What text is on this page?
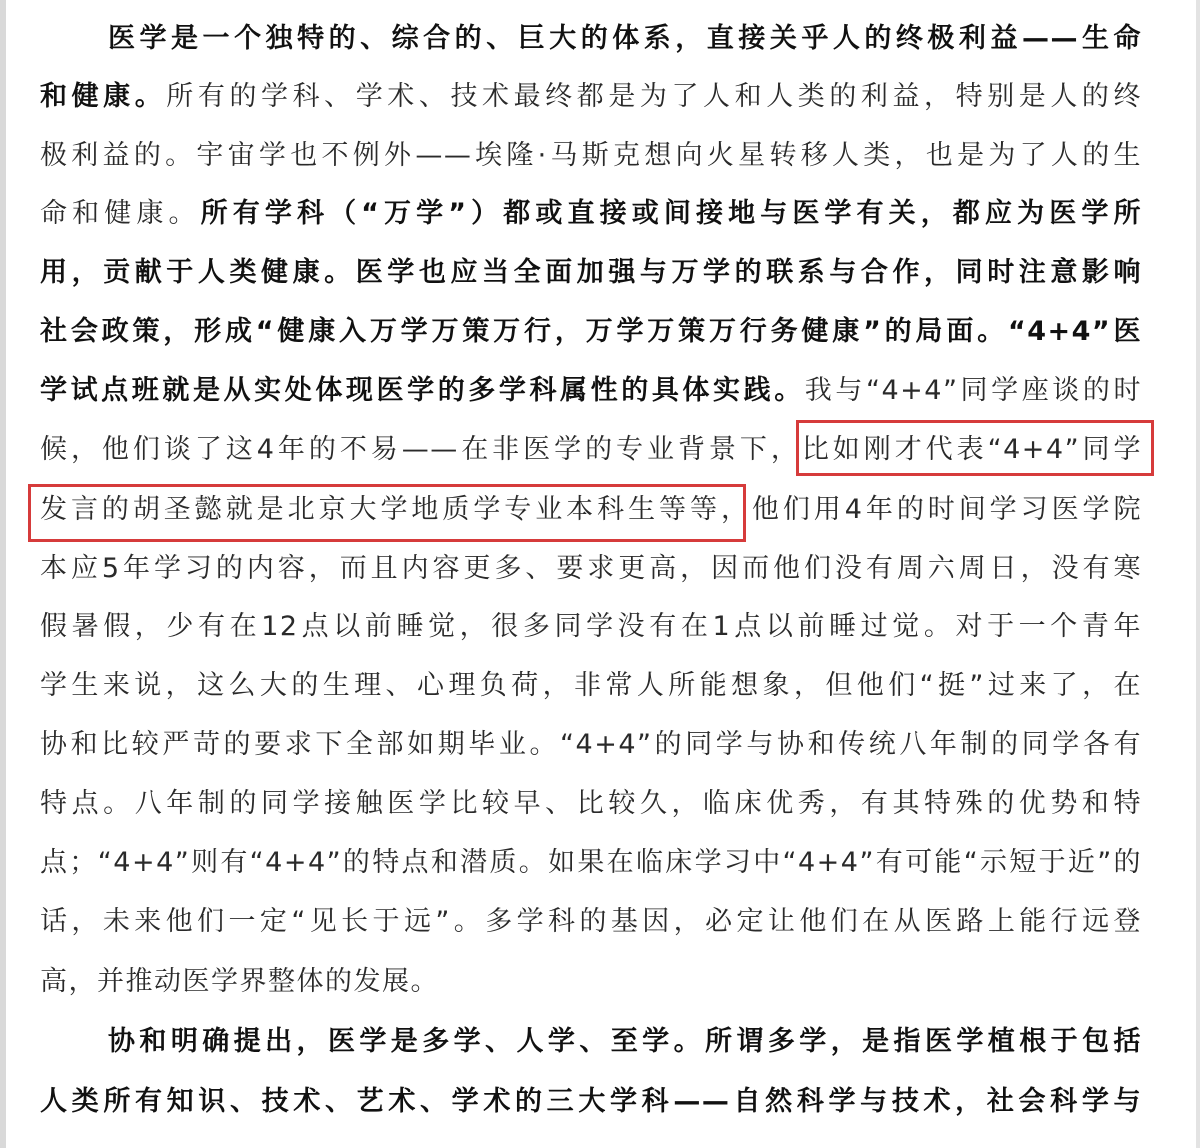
医学是一个独特的、综合的、巨大的体系，直接关乎人的终极利益——生命
和健康。所有的学科、学术、技术最终都是为了人和人类的利益，特别是人的终
极利益的。宇宙学也不例外——埃隆·马斯克想向火星转移人类，也是为了人的生
命和健康。所有学科（“万学”）都或直接或间接地与医学有关，都应为医学所
用，贡献于人类健康。医学也应当全面加强与万学的联系与合作，同时注意影响
社会政策，形成“健康入万学万策万行，万学万策万行务健康”的局面。“4+4”医
学试点班就是从实处体现医学的多学科属性的具体实践。我与“4+4”同学座谈的时
候，他们谈了这4年的不易——在非医学的专业背景下，比如刚才代表“4+4”同学
发言的胡圣懿就是北京大学地质学专业本科生等等，他们用4年的时间学习医学院
本应5年学习的内容，而且内容更多、要求更高，因而他们没有周六周日，没有寒
假暑假，少有在12点以前睡觉，很多同学没有在1点以前睡过觉。对于一个青年
学生来说，这么大的生理、心理负荷，非常人所能想象，但他们“挺”过来了，在
协和比较严苛的要求下全部如期毕业。“4+4”的同学与协和传统八年制的同学各有
特点。八年制的同学接触医学比较早、比较久，临床优秀，有其特殊的优势和特
点；“4+4”则有“4+4”的特点和潜质。如果在临床学习中“4+4”有可能“示短于近”的
话，未来他们一定“见长于远”。多学科的基因，必定让他们在从医路上能行远登
高，并推动医学界整体的发展。
协和明确提出，医学是多学、人学、至学。所谓多学，是指医学植根于包括
人类所有知识、技术、艺术、学术的三大学科——自然科学与技术，社会科学与
